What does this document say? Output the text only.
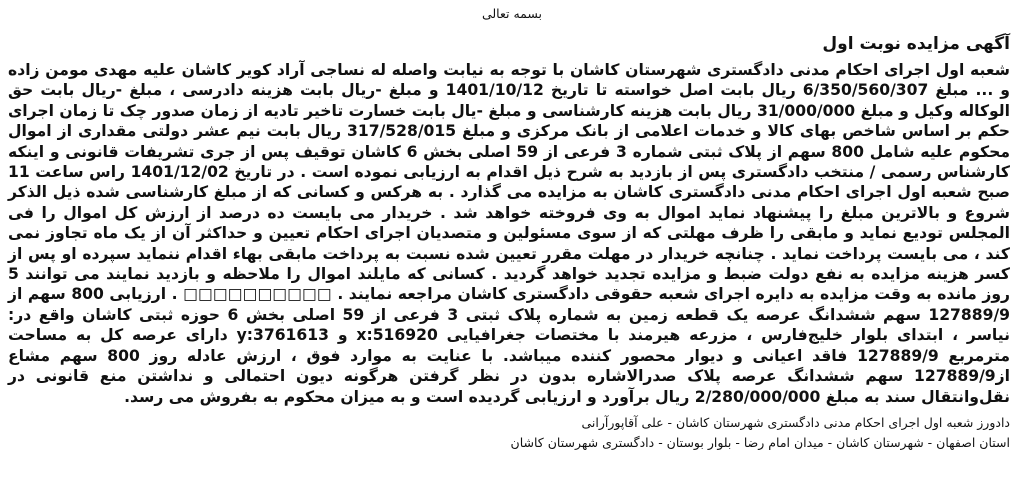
بسمه تعالی
آگهی مزایده نوبت اول
شعبه اول اجرای احکام مدنی دادگستری شهرستان کاشان با توجه به نیابت واصله له نساجی آراد کویر کاشان علیه مهدی مومن زاده و ... مبلغ 6/350/560/307 ریال بابت اصل خواسته تا تاریخ 1401/10/12 و مبلغ -ریال بابت هزینه دادرسی ، مبلغ -ریال بابت حق الوکاله وکیل و مبلغ 31/000/000 ریال بابت هزینه کارشناسی و مبلغ -یال بابت خسارت تاخیر تادیه از زمان صدور چک تا زمان اجرای حکم بر اساس شاخص بهای کالا و خدمات اعلامی از بانک مرکزی و مبلغ 317/528/015 ریال بابت نیم عشر دولتی مقداری از اموال محکوم علیه شامل 800 سهم از پلاک ثبتی شماره 3 فرعی از 59 اصلی بخش 6 کاشان توقیف پس از جری تشریفات قانونی و اینکه کارشناس رسمی / منتخب دادگستری پس از بازدید به شرح ذیل اقدام به ارزیابی نموده است . در تاریخ 1401/12/02 راس ساعت 11 صبح شعبه اول اجرای احکام مدنی دادگستری کاشان به مزایده می گذارد . به هرکس و کسانی که از مبلغ کارشناسی شده ذیل الذکر شروع و بالاترین مبلغ را پیشنهاد نماید اموال به وی فروخته خواهد شد . خریدار می بایست ده درصد از ارزش کل اموال را فی المجلس تودیع نماید و مابقی را ظرف مهلتی که از سوی مسئولین و متصدیان اجرای احکام تعیین و حداکثر آن از یک ماه تجاوز نمی کند ، می بایست پرداخت نماید . چنانچه خریدار در مهلت مقرر تعیین شده نسبت به پرداخت مابقی بهاء اقدام ننماید سپرده او پس از کسر هزینه مزایده به نفع دولت ضبط و مزایده تجدید خواهد گردید . کسانی که مایلند اموال را ملاحظه و بازدید نمایند می توانند 5 روز مانده به وقت مزایده به دایره اجرای شعبه حقوقی دادگستری کاشان مراجعه نمایند . □□□□□□□□□□ . ارزیابی 800 سهم از 127889/9 سهم ششدانگ عرصه یک قطعه زمین به شماره پلاک ثبتی 3 فرعی از 59 اصلی بخش 6 حوزه ثبتی کاشان واقع در: نیاسر ، ابتدای بلوار خلیج‌فارس ، مزرعه هیرمند با مختصات جغرافیایی x:516920 و y:3761613 دارای عرصه کل به مساحت مترمربع 127889/9 فاقد اعیانی و دیوار محصور کننده میباشد. با عنایت به موارد فوق ، ارزش عادله روز 800 سهم مشاع از127889/9 سهم ششدانگ عرصه پلاک صدرالاشاره بدون در نظر گرفتن هرگونه دیون احتمالی و نداشتن منع قانونی در نقل‌وانتقال سند به مبلغ 2/280/000/000 ریال برآورد و ارزیابی گردیده است و به میزان محکوم به بفروش می رسد.
دادورز شعبه اول اجرای احکام مدنی دادگستری شهرستان کاشان - علی آقاپورآرانی
استان اصفهان - شهرستان کاشان - میدان امام رضا - بلوار بوستان - دادگستری شهرستان کاشان
